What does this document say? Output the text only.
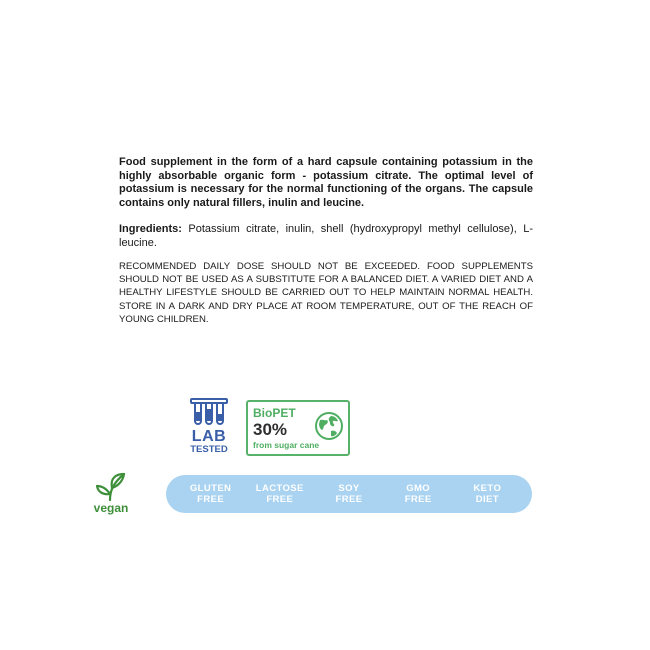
Food supplement in the form of a hard capsule containing potassium in the highly absorbable organic form - potassium citrate. The optimal level of potassium is necessary for the normal functioning of the organs. The capsule contains only natural fillers, inulin and leucine.

Ingredients: Potassium citrate, inulin, shell (hydroxypropyl methyl cellulose), L-leucine.

RECOMMENDED DAILY DOSE SHOULD NOT BE EXCEEDED. FOOD SUPPLEMENTS SHOULD NOT BE USED AS A SUBSTITUTE FOR A BALANCED DIET. A VARIED DIET AND A HEALTHY LIFESTYLE SHOULD BE CARRIED OUT TO HELP MAINTAIN NORMAL HEALTH. STORE IN A DARK AND DRY PLACE AT ROOM TEMPERATURE, OUT OF THE REACH OF YOUNG CHILDREN.

LAB
TESTED
BioPET
30%
from sugar cane
vegan
GLUTEN
FREE
LACTOSE
FREE
SOY
FREE
GMO
FREE
KETO
DIET
